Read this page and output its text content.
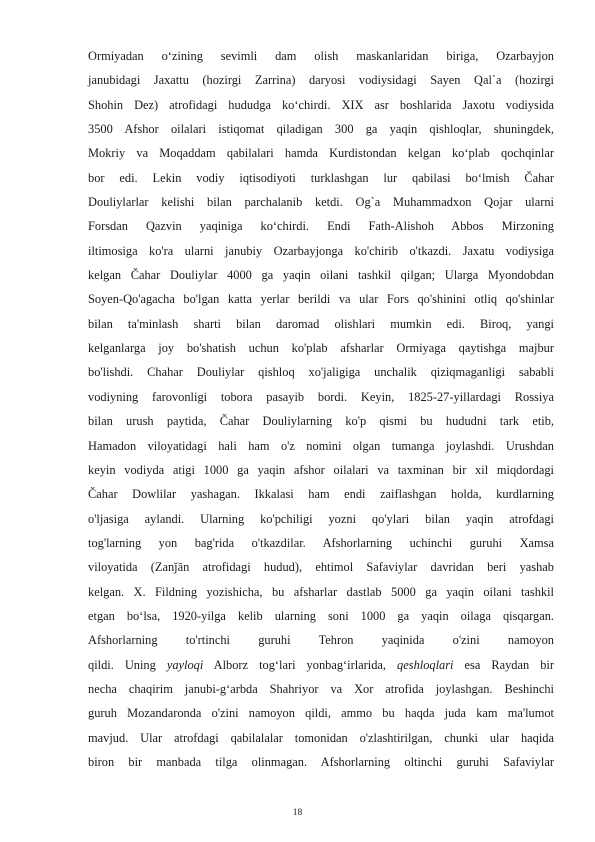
Ormiyadan o‘zining sevimli dam olish maskanlaridan biriga, Ozarbayjon
janubidagi Jaxattu (hozirgi Zarrina) daryosi vodiysidagi Sayen Qal῾a (hozirgi
Shohin Dez) atrofidagi hududga ko‘chirdi. XIX asr boshlarida Jaxotu vodiysida
3500 Afshor oilalari istiqomat qiladigan 300 ga yaqin qishloqlar, shuningdek,
Mokriy va Moqaddam qabilalari hamda Kurdistondan kelgan ko‘plab qochqinlar
bor edi. Lekin vodiy iqtisodiyoti turklashgan lur qabilasi bo‘lmish Čahar
Douliylarlar kelishi bilan parchalanib ketdi. Og`a Muhammadxon Qojar ularni
Forsdan Qazvin yaqiniga ko‘chirdi. Endi Fath-Alishoh Abbos Mirzoning
iltimosiga ko'ra ularni janubiy Ozarbayjonga ko'chirib o'tkazdi. Jaxatu vodiysiga
kelgan Čahar Douliylar 4000 ga yaqin oilani tashkil qilgan; Ularga Myondobdan
Soyen-Qo'agacha bo'lgan katta yerlar berildi va ular Fors qo'shinini otliq qo'shinlar
bilan ta'minlash sharti bilan daromad olishlari mumkin edi. Biroq, yangi
kelganlarga joy bo'shatish uchun ko'plab afsharlar Ormiyaga qaytishga majbur
bo'lishdi. Chahar Douliylar qishloq xo'jaligiga unchalik qiziqmaganligi sababli
vodiyning farovonligi tobora pasayib bordi. Keyin, 1825-27-yillardagi Rossiya
bilan urush paytida, Čahar Douliylarning ko'p qismi bu hududni tark etib,
Hamadon viloyatidagi hali ham o'z nomini olgan tumanga joylashdi. Urushdan
keyin vodiyda atigi 1000 ga yaqin afshor oilalari va taxminan bir xil miqdordagi
Čahar Dowlilar yashagan. Ikkalasi ham endi zaiflashgan holda, kurdlarning
o'ljasiga aylandi. Ularning ko'pchiligi yozni qo'ylari bilan yaqin atrofdagi
tog'larning yon bag'rida o'tkazdilar. Afshorlarning uchinchi guruhi Xamsa
viloyatida (Zanǰān atrofidagi hudud), ehtimol Safaviylar davridan beri yashab
kelgan. X. Fildning yozishicha, bu afsharlar dastlab 5000 ga yaqin oilani tashkil
etgan bo‘lsa, 1920-yilga kelib ularning soni 1000 ga yaqin oilaga qisqargan.
Afshorlarning to'rtinchi guruhi Tehron yaqinida o'zini namoyon
qildi. Uning yayloqi Alborz tog‘lari yonbag‘irlarida, qeshloqlari esa Raydan bir
necha chaqirim janubi-g‘arbda Shahriyor va Xor atrofida joylashgan. Beshinchi
guruh Mozandaronda o'zini namoyon qildi, ammo bu haqda juda kam ma'lumot
mavjud. Ular atrofdagi qabilalalar tomonidan o'zlashtirilgan, chunki ular haqida
biron bir manbada tilga olinmagan. Afshorlarning oltinchi guruhi Safaviylar
18
